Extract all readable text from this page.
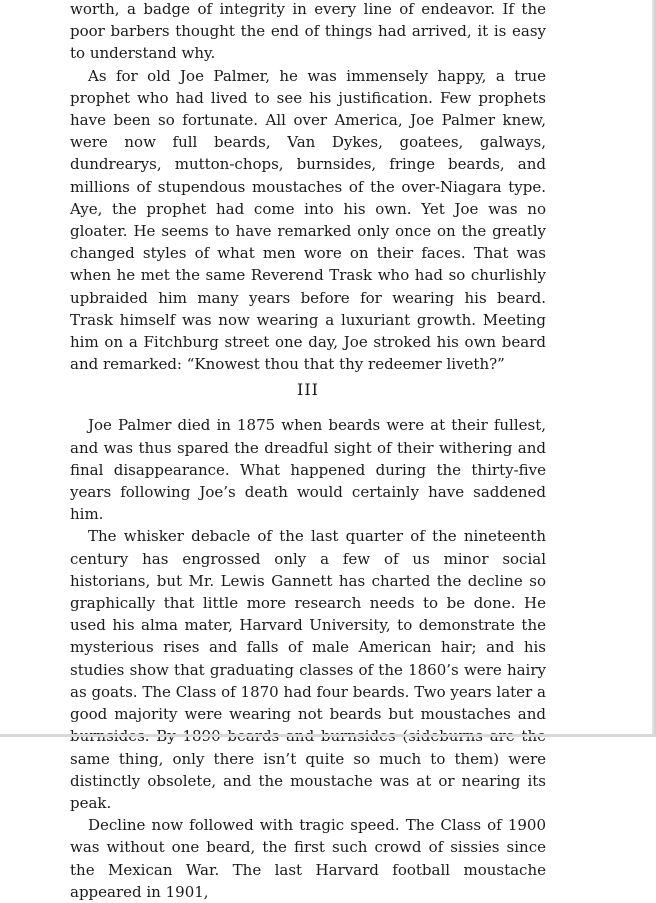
worth, a badge of integrity in every line of endeavor. If the poor barbers thought the end of things had arrived, it is easy to understand why.

As for old Joe Palmer, he was immensely happy, a true prophet who had lived to see his justification. Few prophets have been so fortunate. All over America, Joe Palmer knew, were now full beards, Van Dykes, goatees, galways, dundrearys, mutton-chops, burnsides, fringe beards, and millions of stupendous moustaches of the over-Niagara type. Aye, the prophet had come into his own. Yet Joe was no gloater. He seems to have remarked only once on the greatly changed styles of what men wore on their faces. That was when he met the same Reverend Trask who had so churlishly upbraided him many years before for wearing his beard. Trask himself was now wearing a luxuriant growth. Meeting him on a Fitchburg street one day, Joe stroked his own beard and remarked: “Knowest thou that thy redeemer liveth?”

III

Joe Palmer died in 1875 when beards were at their fullest, and was thus spared the dreadful sight of their withering and final disappearance. What happened during the thirty-five years following Joe’s death would certainly have saddened him.

The whisker debacle of the last quarter of the nineteenth century has engrossed only a few of us minor social historians, but Mr. Lewis Gannett has charted the decline so graphically that little more research needs to be done. He used his alma mater, Harvard University, to demonstrate the mysterious rises and falls of male American hair; and his studies show that graduating classes of the 1860’s were hairy as goats. The Class of 1870 had four beards. Two years later a good majority were wearing not beards but moustaches and same thing, only there isn’t quite so much to them) were distinctly obsolete, and the moustache was at or nearing its peak.

Decline now followed with tragic speed. The Class of 1900 was without one beard, the first such crowd of sissies since the Mexican War. The last Harvard football moustache appeared in 1901,
